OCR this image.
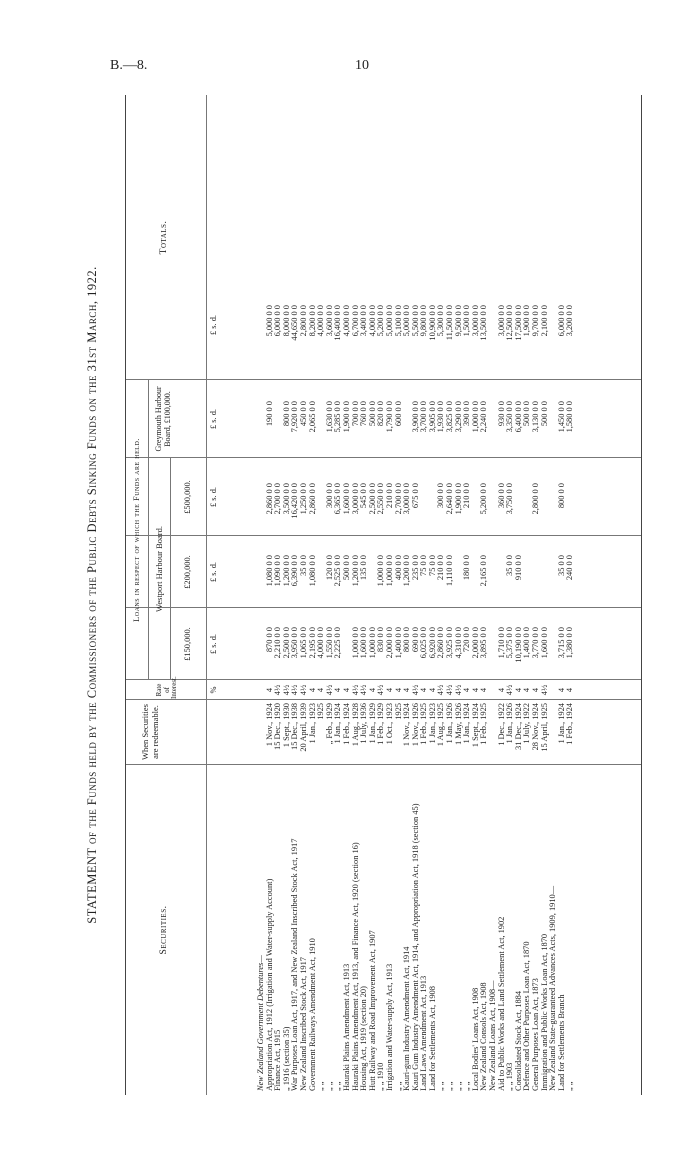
B.—8.	10
STATEMENT of the Funds held by the Commissioners of the Public Debts Sinking Funds on the 31st March, 1922.
Securities.
When Securities are redeemable.
Rate of Interest.
Loans in respect of which the Funds are held. Westport Harbour Board.
£150,000.
£200,000.
£500,000.
Greymouth Harbour Board, £100,000.
Totals.
%
£ s. d.
£ s. d.
£ s. d.
£ s. d.
£ s. d.
New Zealand Government Debentures— Appropriation Act, 1912 (Irrigation and Water-supply Account)
1 Nov., 1924
4
870 0 0
1,080 0 0
2,860 0 0
190 0 0
5,000 0 0
Finance Act, 1915
15 Dec., 1920
4½
2,210 0 0
1,090 0 0
2,700 0 0
6,000 0 0
„ 1916 (section 35)
1 Sept., 1930
4½
2,500 0 0
1,200 0 0
3,500 0 0
800 0 0
8,000 0 0
War Purposes Loan Act, 1917, and New Zealand Inscribed Stock Act, 1917
15 Dec., 1938
4½
3,950 0 0
6,390 0 0
16,420 0 0
7,920 0 0
44,650 0 0
New Zealand Inscribed Stock Act, 1917
20 April, 1939
4½
1,065 0 0
35 0 0
1,250 0 0
450 0 0
2,800 0 0
Government Railways Amendment Act, 1910
1 Jan., 1923
4
2,195 0 0
1,080 0 0
2,860 0 0
2,065 0 0
8,200 0 0
„ „
1925
4
4,000 0 0
4,000 0 0
„ „
„ Feb., 1929
4½
1,550 0 0
120 0 0
300 0 0
1,630 0 0
3,600 0 0
„ „
1 Jan., 1924
4
2,225 0 0
2,525 0 0
6,365 0 0
5,285 0 0
16,400 0 0
Hauraki Plains Amendment Act, 1913
1 Feb., 1924
4
500 0 0
1,600 0 0
1,900 0 0
4,000 0 0
Hauraki Plains Amendment Act, 1913, and Finance Act, 1920 (section 16)
1 Aug., 1928
4½
1,000 0 0
1,200 0 0
3,000 0 0
700 0 0
6,700 0 0
Housing Act, 1919 (section 20)
1 July, 1936
4½
1,600 0 0
135 0 0
545 0 0
760 0 0
3,400 0 0
Hutt Railway and Road Improvement Act, 1907
1 Jan., 1929
4
1,000 0 0
2,500 0 0
500 0 0
4,000 0 0
„ „ 1910
1 Feb., 1929
4½
830 0 0
1,000 0 0
2,550 0 0
820 0 0
5,200 0 0
Irrigation and Water-supply Act, 1913
1 Oct., 1923
4
2,000 0 0
1,000 0 0
210 0 0
1,790 0 0
5,000 0 0
„ „
1925
4
1,400 0 0
400 0 0
2,700 0 0
600 0 0
5,100 0 0
Kauri-gum Industry Amendment Act, 1914
1 Nov., 1924
4
800 0 0
1,200 0 0
3,000 0 0
5,000 0 0
Kauri Gum Industry Amendment Act, 1914, and Appropriation Act, 1918 (section 45)
1 Nov., 1926
4½
690 0 0
235 0 0
675 0 0
3,900 0 0
5,500 0 0
Land Laws Amendment Act, 1913
1 Feb., 1925
4
6,025 0 0
75 0 0
3,700 0 0
9,800 0 0
Land for Settlements Act, 1908
1 Jan., 1923
4
6,920 0 0
75 0 0
3,905 0 0
10,900 0 0
„ „
1 Aug., 1925
4½
2,860 0 0
210 0 0
300 0 0
1,930 0 0
5,300 0 0
„ „
1 Jan., 1926
4½
3,925 0 0
1,110 0 0
2,640 0 0
3,825 0 0
11,500 0 0
„ „
1 May, 1926
4½
4,310 0 0
1,900 0 0
3,290 0 0
9,500 0 0
„ „
1 Jan., 1924
4
720 0 0
180 0 0
210 0 0
390 0 0
1,500 0 0
Local Bodies' Loans Act, 1908
1 Sept., 1924
4
2,000 0 0
1,000 0 0
3,000 0 0
New Zealand Consols Act, 1908
1 Feb., 1925
4
3,895 0 0
2,165 0 0
5,200 0 0
2,240 0 0
13,500 0 0
New Zealand Loans Act, 1908— Aid to Public Works and Land Settlement Act, 1902
1 Dec., 1922
4
1,710 0 0
360 0 0
930 0 0
3,000 0 0
„ „ 1903
1 Jan., 1926
4½
5,375 0 0
35 0 0
3,750 0 0
3,350 0 0
12,500 0 0
Consolidated Stock Act, 1884
31 Dec., 1924
4
10,190 0 0
910 0 0
6,400 0 0
17,500 0 0
Defence and Other Purposes Loan Act, 1870
1 July, 1922
4
1,400 0 0
500 0 0
1,900 0 0
General Purposes Loan Act, 1873
28 Nov., 1924
4
3,770 0 0
2,800 0 0
3,130 0 0
9,700 0 0
Immigration and Public Works Loan Act, 1870
15 April, 1925
4½
1,600 0 0
500 0 0
2,100 0 0
New Zealand State-guaranteed Advances Acts, 1909, 1910— Land for Settlements Branch
1 Jan., 1924
4
3,715 0 0
35 0 0
800 0 0
1,450 0 0
6,000 0 0
„ „
1 Feb., 1924
4
1,380 0 0
240 0 0
1,580 0 0
3,200 0 0
